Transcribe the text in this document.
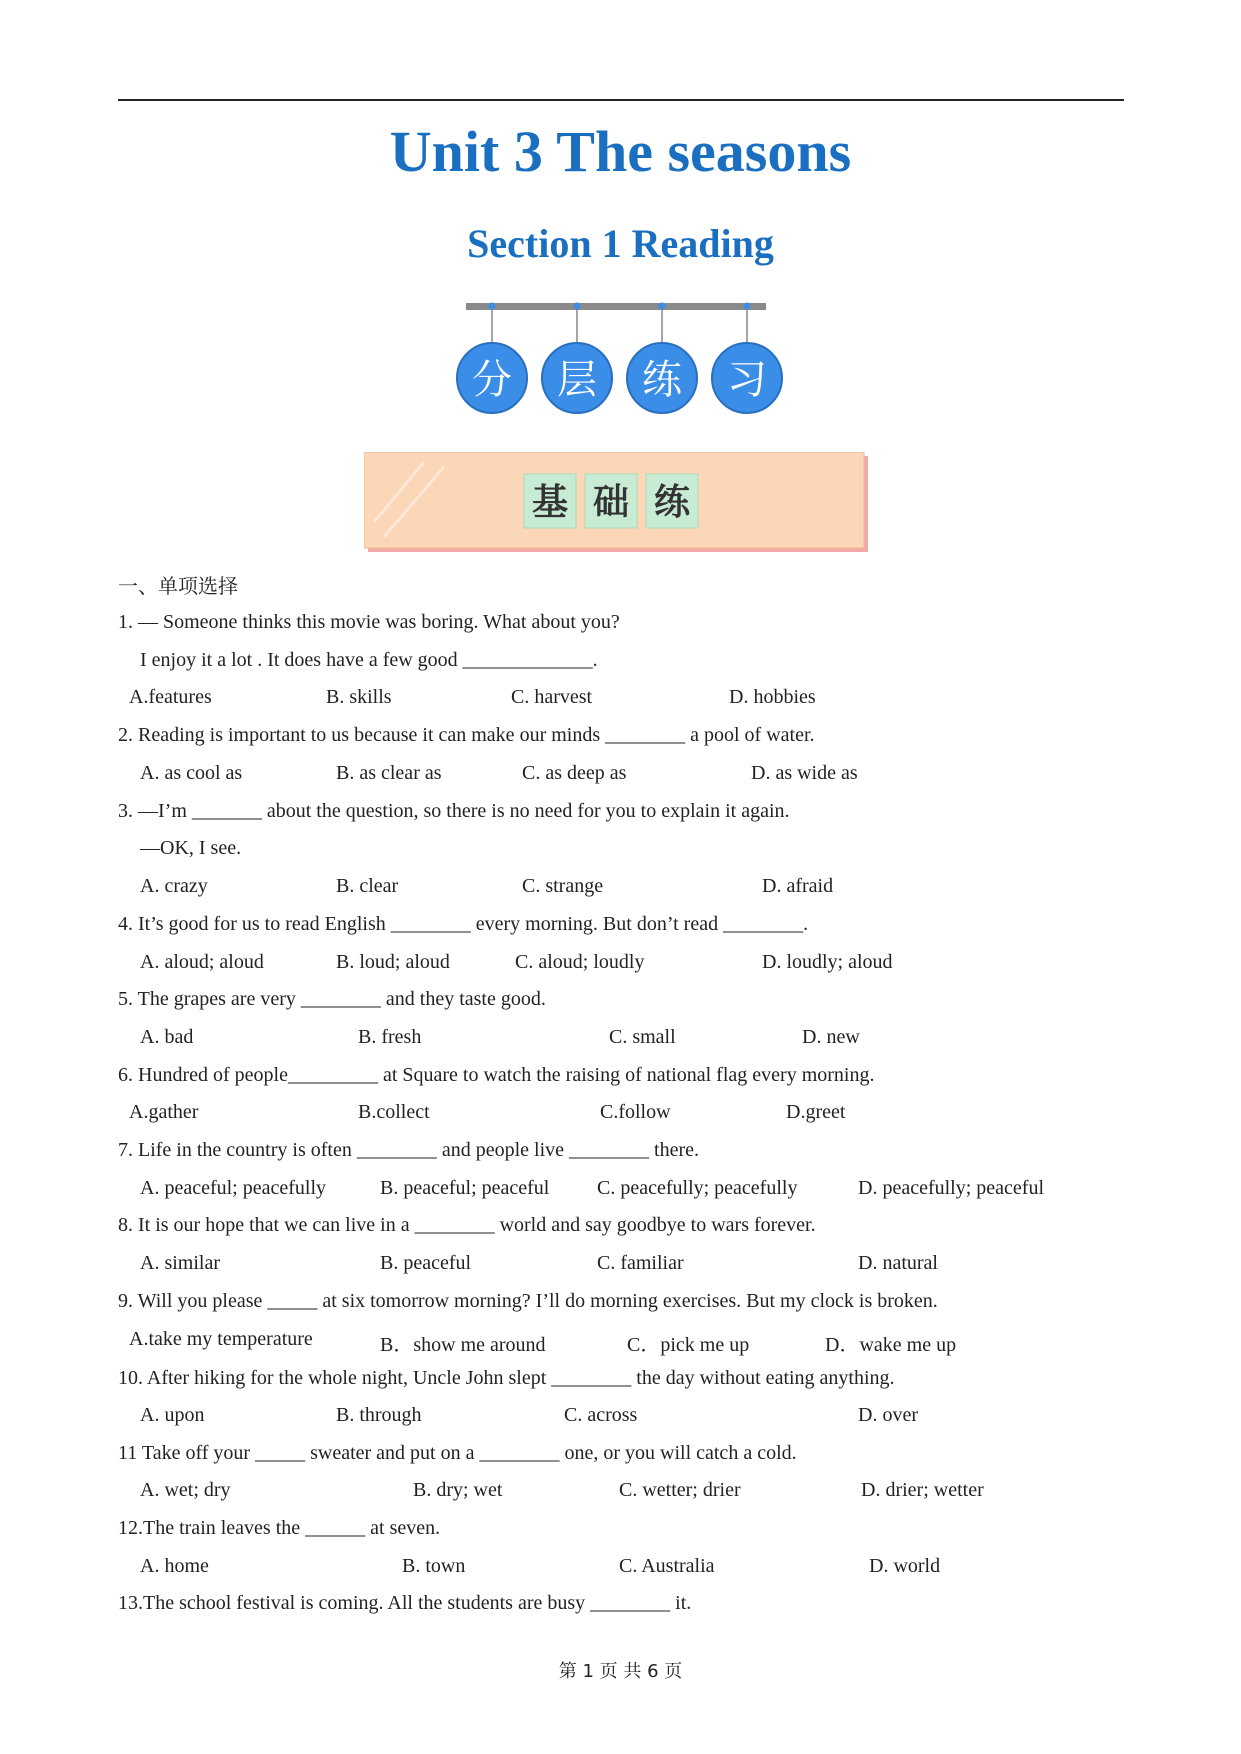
Unit 3 The seasons
Section 1 Reading
分 层 练 习
基 础 练
一、单项选择
1. — Someone thinks this movie was boring. What about you?
I enjoy it a lot . It does have a few good _____________.
A.features	B. skills	C. harvest	D. hobbies
2. Reading is important to us because it can make our minds ________ a pool of water.
A. as cool as	B. as clear as	C. as deep as	D. as wide as
3. —I’m _______ about the question, so there is no need for you to explain it again.
—OK, I see.
A. crazy	B. clear	C. strange	D. afraid
4. It’s good for us to read English ________ every morning. But don’t read ________.
A. aloud; aloud	B. loud; aloud	C. aloud; loudly	D. loudly; aloud
5. The grapes are very ________ and they taste good.
A. bad	B. fresh	C. small	D. new
6. Hundred of people_________ at Square to watch the raising of national flag every morning.
A.gather	B.collect	C.follow	D.greet
7. Life in the country is often ________ and people live ________ there.
A. peaceful; peacefully	B. peaceful; peaceful C. peacefully; peacefully	D. peacefully; peaceful
8. It is our hope that we can live in a ________ world and say goodbye to wars forever.
A. similar	B. peaceful	C. familiar	D. natural
9. Will you please _____ at six tomorrow morning? I’ll do morning exercises. But my clock is broken.
A.take my temperature	B．show me around	C．pick me up	D．wake me up
10. After hiking for the whole night, Uncle John slept ________ the day without eating anything.
A. upon	B. through	C. across	D. over
11 Take off your _____ sweater and put on a ________ one, or you will catch a cold.
A. wet; dry	B. dry; wet	C. wetter; drier	D. drier; wetter
12.The train leaves the ______ at seven.
A. home	B. town	C. Australia	D. world
13.The school festival is coming. All the students are busy ________ it.
第 1 页 共 6 页
